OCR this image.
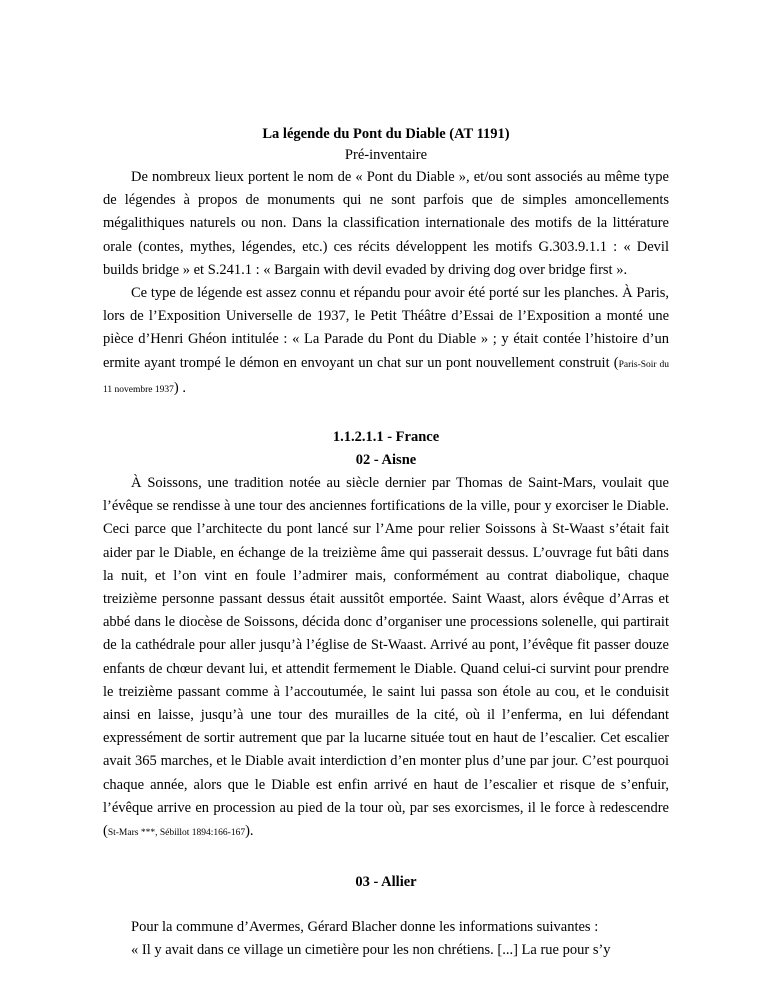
La légende du Pont du Diable (AT 1191)
Pré-inventaire

De nombreux lieux portent le nom de « Pont du Diable », et/ou sont associés au même type de légendes à propos de monuments qui ne sont parfois que de simples amoncellements mégalithiques naturels ou non. Dans la classification internationale des motifs de la littérature orale (contes, mythes, légendes, etc.) ces récits développent les motifs G.303.9.1.1 : « Devil builds bridge » et S.241.1 : « Bargain with devil evaded by driving dog over bridge first ».

Ce type de légende est assez connu et répandu pour avoir été porté sur les planches. À Paris, lors de l’Exposition Universelle de 1937, le Petit Théâtre d’Essai de l’Exposition a monté une pièce d’Henri Ghéon intitulée : « La Parade du Pont du Diable » ; y était contée l’histoire d’un ermite ayant trompé le démon en envoyant un chat sur un pont nouvellement construit (Paris-Soir du 11 novembre 1937) .

1.1.2.1.1 - France
02 - Aisne

À Soissons, une tradition notée au siècle dernier par Thomas de Saint-Mars, voulait que l’évêque se rendisse à une tour des anciennes fortifications de la ville, pour y exorciser le Diable. Ceci parce que l’architecte du pont lancé sur l’Ame pour relier Soissons à St-Waast s’était fait aider par le Diable, en échange de la treizième âme qui passerait dessus. L’ouvrage fut bâti dans la nuit, et l’on vint en foule l’admirer mais, conformément au contrat diabolique, chaque treizième personne passant dessus était aussitôt emportée. Saint Waast, alors évêque d’Arras et abbé dans le diocèse de Soissons, décida donc d’organiser une processions solenelle, qui partirait de la cathédrale pour aller jusqu’à l’église de St-Waast. Arrivé au pont, l’évêque fit passer douze enfants de chœur devant lui, et attendit fermement le Diable. Quand celui-ci survint pour prendre le treizième passant comme à l’accoutumée, le saint lui passa son étole au cou, et le conduisit ainsi en laisse, jusqu’à une tour des murailles de la cité, où il l’enferma, en lui défendant expressément de sortir autrement que par la lucarne située tout en haut de l’escalier. Cet escalier avait 365 marches, et le Diable avait interdiction d’en monter plus d’une par jour. C’est pourquoi chaque année, alors que le Diable est enfin arrivé en haut de l’escalier et risque de s’enfuir, l’évêque arrive en procession au pied de la tour où, par ses exorcismes, il le force à redescendre (St-Mars ***, Sébillot 1894:166-167).

03 - Allier

Pour la commune d’Avermes, Gérard Blacher donne les informations suivantes :

« Il y avait dans ce village un cimetière pour les non chrétiens. [...] La rue pour s’y
